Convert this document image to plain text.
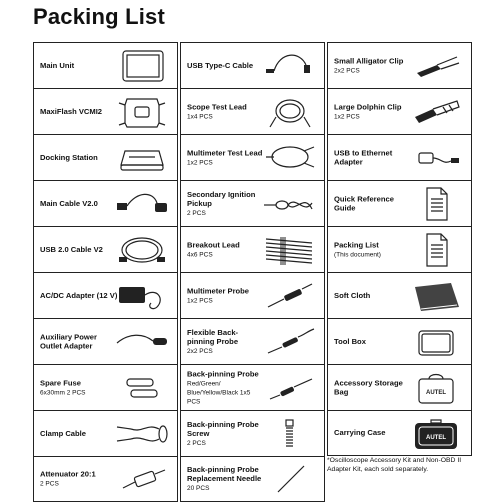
Packing List
Main Unit
MaxiFlash VCMI2
Docking Station
Main Cable V2.0
USB 2.0 Cable V2
AC/DC Adapter (12 V)
Auxiliary Power Outlet Adapter
Spare Fuse
6x30mm 2 PCS
Clamp Cable
Attenuator 20:1
2 PCS
USB Type-C Cable
Scope Test Lead
1x4 PCS
Multimeter Test Lead
1x2 PCS
Secondary Ignition Pickup
2 PCS
Breakout Lead
4x6 PCS
Multimeter Probe
1x2 PCS
Flexible Back-pinning Probe
2x2 PCS
Back-pinning Probe
Red/Green/ Blue/Yellow/Black 1x5 PCS
Back-pinning Probe Screw
2 PCS
Back-pinning Probe Replacement Needle
20 PCS
Small Alligator Clip
2x2 PCS
Large Dolphin Clip
1x2 PCS
USB to Ethernet Adapter
Quick Reference Guide
Packing List
(This document)
Soft Cloth
Tool Box
Accessory Storage Bag	AUTEL
Carrying Case
AUTEL
*Oscilloscope Accessory Kit and Non-OBD II Adapter Kit, each sold separately.
